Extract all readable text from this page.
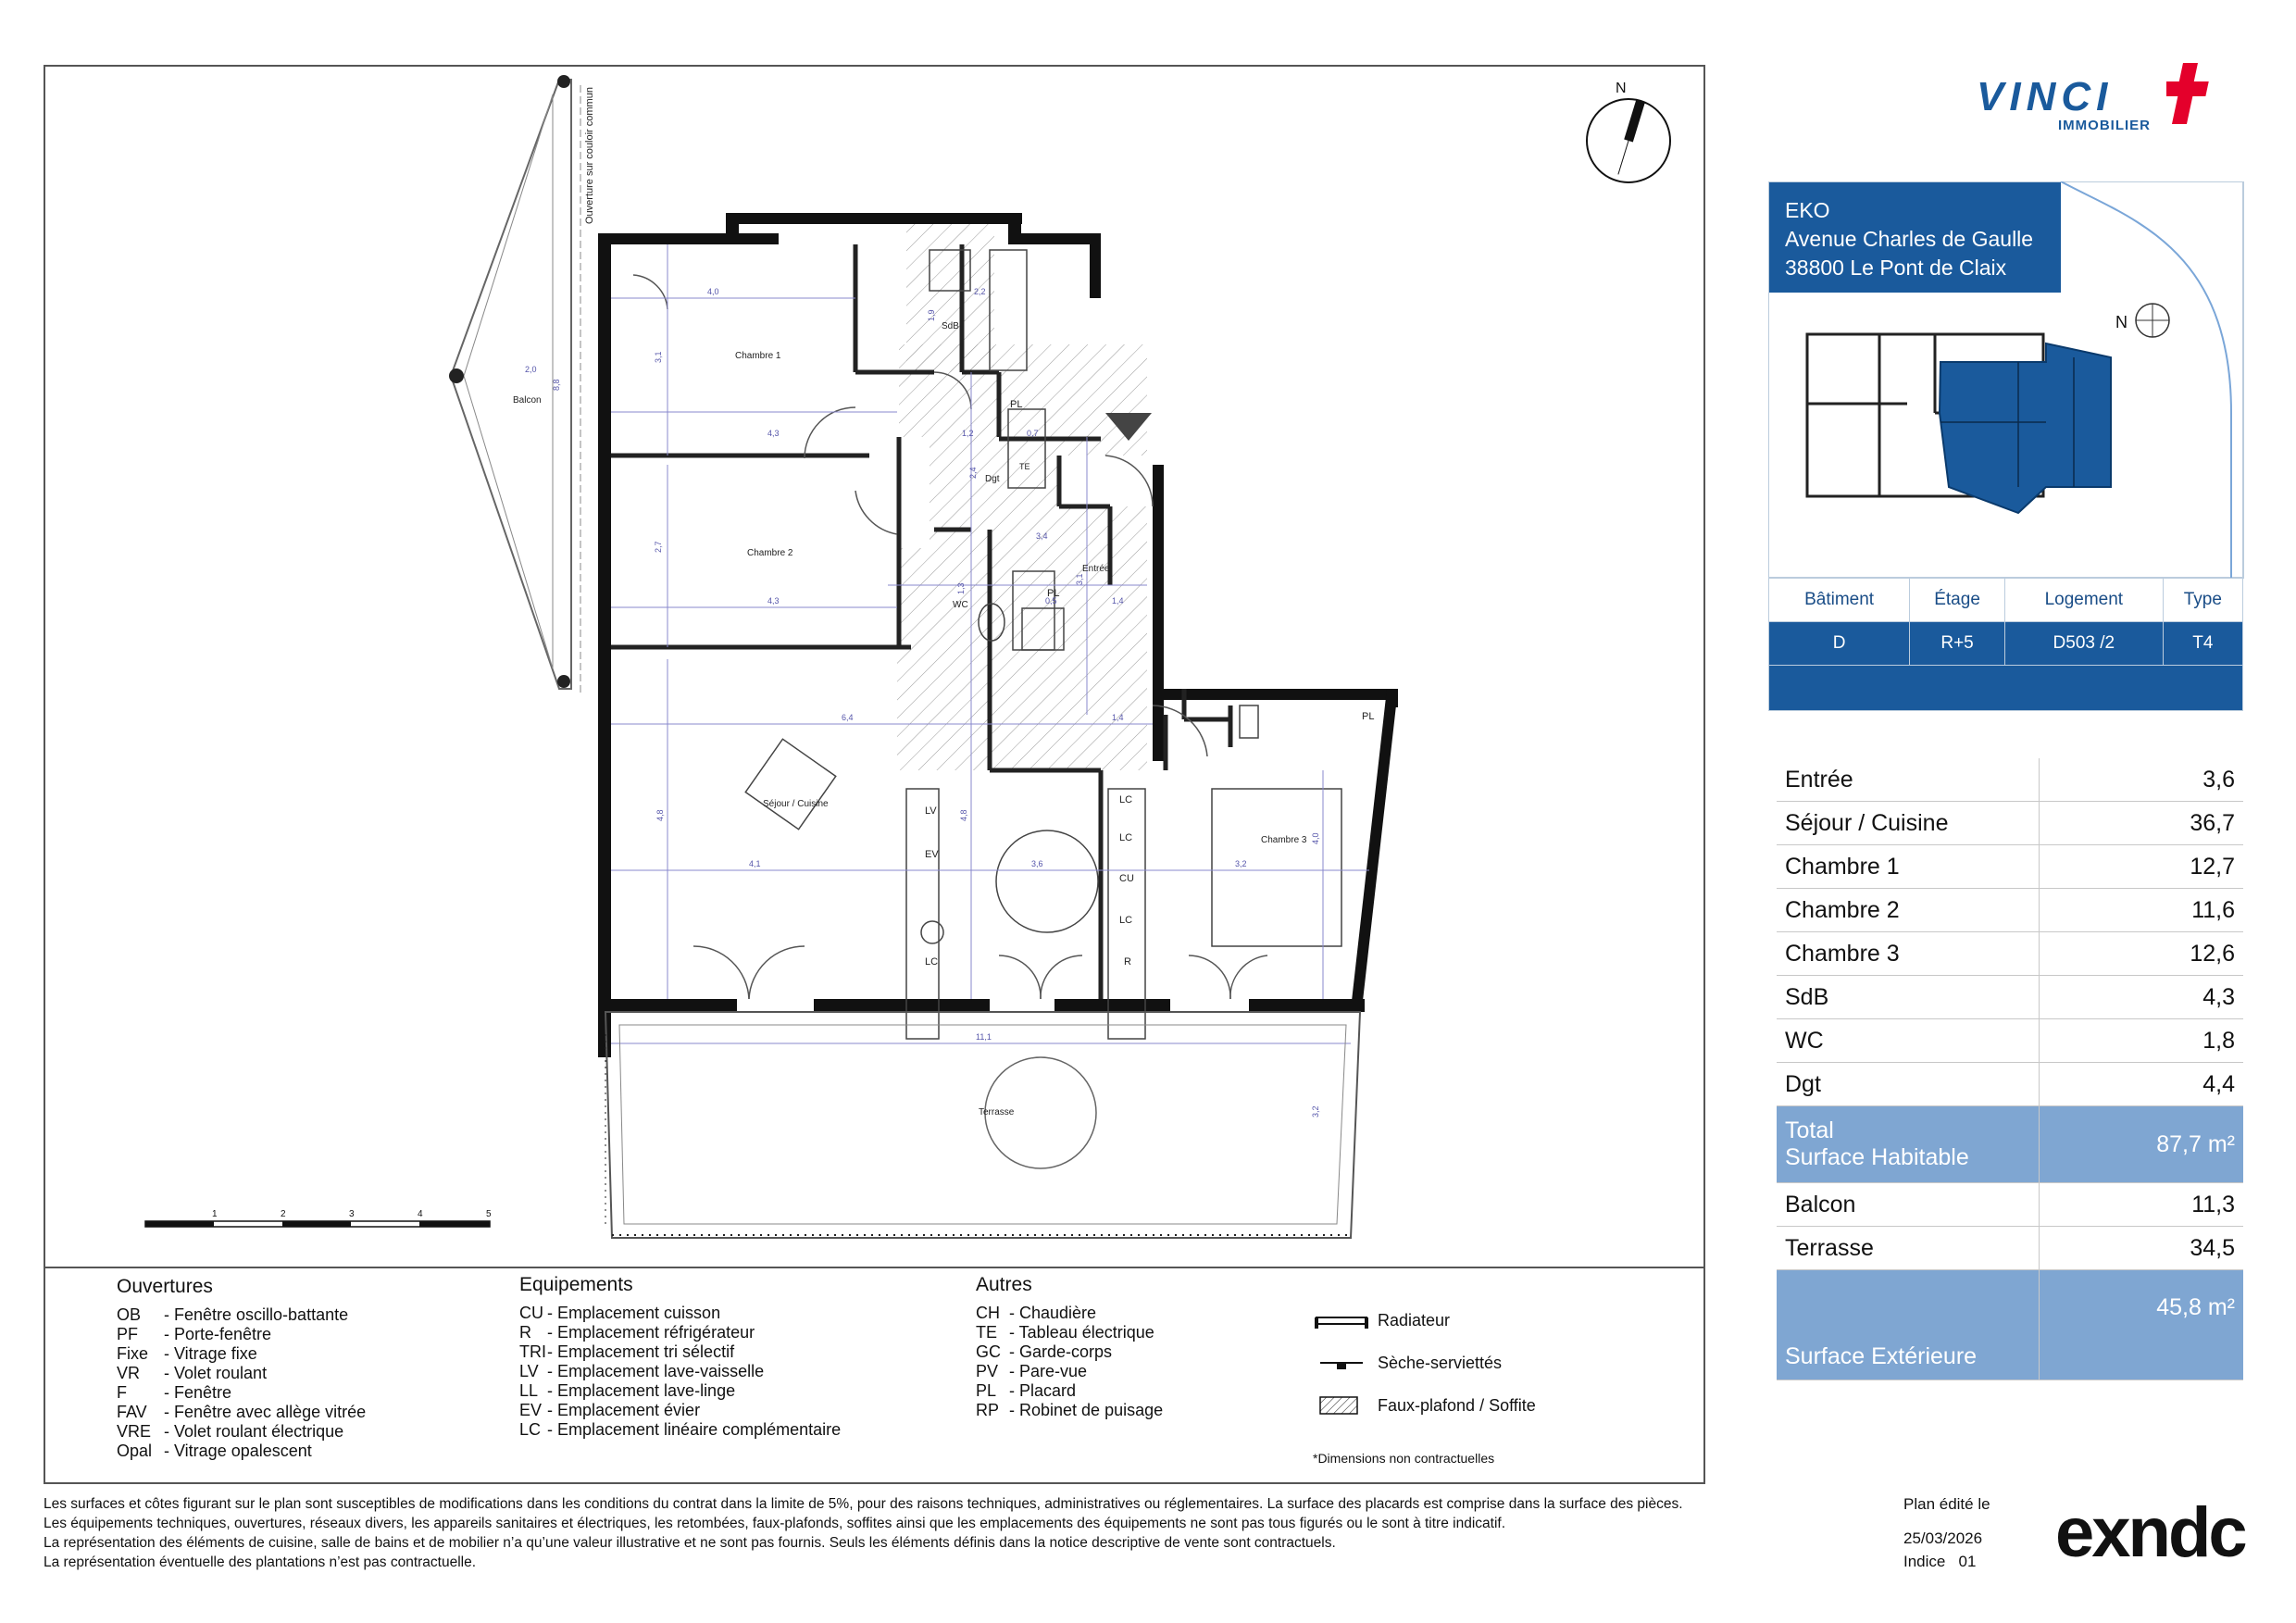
N
Chambre 1
Chambre 2
Chambre 3
Séjour / Cuisine
SdB
Dgt
WC
Entrée
Balcon
Terrasse
Ouverture sur couloir commun
PL
PL
PL
TE
LV
EV
LC
LC
LC
CU
LC
R
4,0
3,1
4,3
2,2
1,9
1,2	0,7
2,4
2,7
4,3
3,4
1,3
0,5	1,4
3,1
6,4	1,4
4,8	4,8
4,1	3,6	3,2
4,0
11,1
3,2
2,0
8,8
1	2	3	4	5
VINCI
IMMOBILIER
EKO
Avenue Charles de Gaulle
38800 Le Pont de Claix
N
Bâtiment	Étage	Logement	Type
D	R+5	D503 /2	T4

Entrée	3,6
Séjour / Cuisine	36,7
Chambre 1	12,7
Chambre 2	11,6
Chambre 3	12,6
SdB	4,3
WC	1,8
Dgt	4,4

Total
Surface Habitable	87,7 m²
Balcon	11,3
Terrasse	34,5
Surface Extérieure	45,8 m²
Ouvertures
OB - Fenêtre oscillo-battante
PF - Porte-fenêtre
Fixe - Vitrage fixe
VR - Volet roulant
F - Fenêtre
FAV - Fenêtre avec allège vitrée
VRE - Volet roulant électrique
Opal - Vitrage opalescent
Equipements
CU - Emplacement cuisson
R - Emplacement réfrigérateur
TRI- Emplacement tri sélectif
LV - Emplacement lave-vaisselle
LL - Emplacement lave-linge
EV - Emplacement évier
LC - Emplacement linéaire complémentaire
Autres
CH - Chaudière
TE - Tableau électrique
GC - Garde-corps
PV - Pare-vue
PL - Placard
RP - Robinet de puisage
Radiateur
Sèche-serviettés
Faux-plafond / Soffite
*Dimensions non contractuelles
Les surfaces et côtes figurant sur le plan sont susceptibles de modifications dans les conditions du contrat dans la limite de 5%, pour des raisons techniques, administratives ou réglementaires. La surface des placards est comprise dans la surface des pièces.
Les équipements techniques, ouvertures, réseaux divers, les appareils sanitaires et électriques, les retombées, faux-plafonds, soffites ainsi que les emplacements des équipements ne sont pas tous figurés ou le sont à titre indicatif.
La représentation des éléments de cuisine, salle de bains et de mobilier n’a qu’une valeur illustrative et ne sont pas fournis. Seuls les éléments définis dans la notice descriptive de vente sont contractuels.
La représentation éventuelle des plantations n’est pas contractuelle.
Plan édité le
25/03/2026
Indice   01 exndc
